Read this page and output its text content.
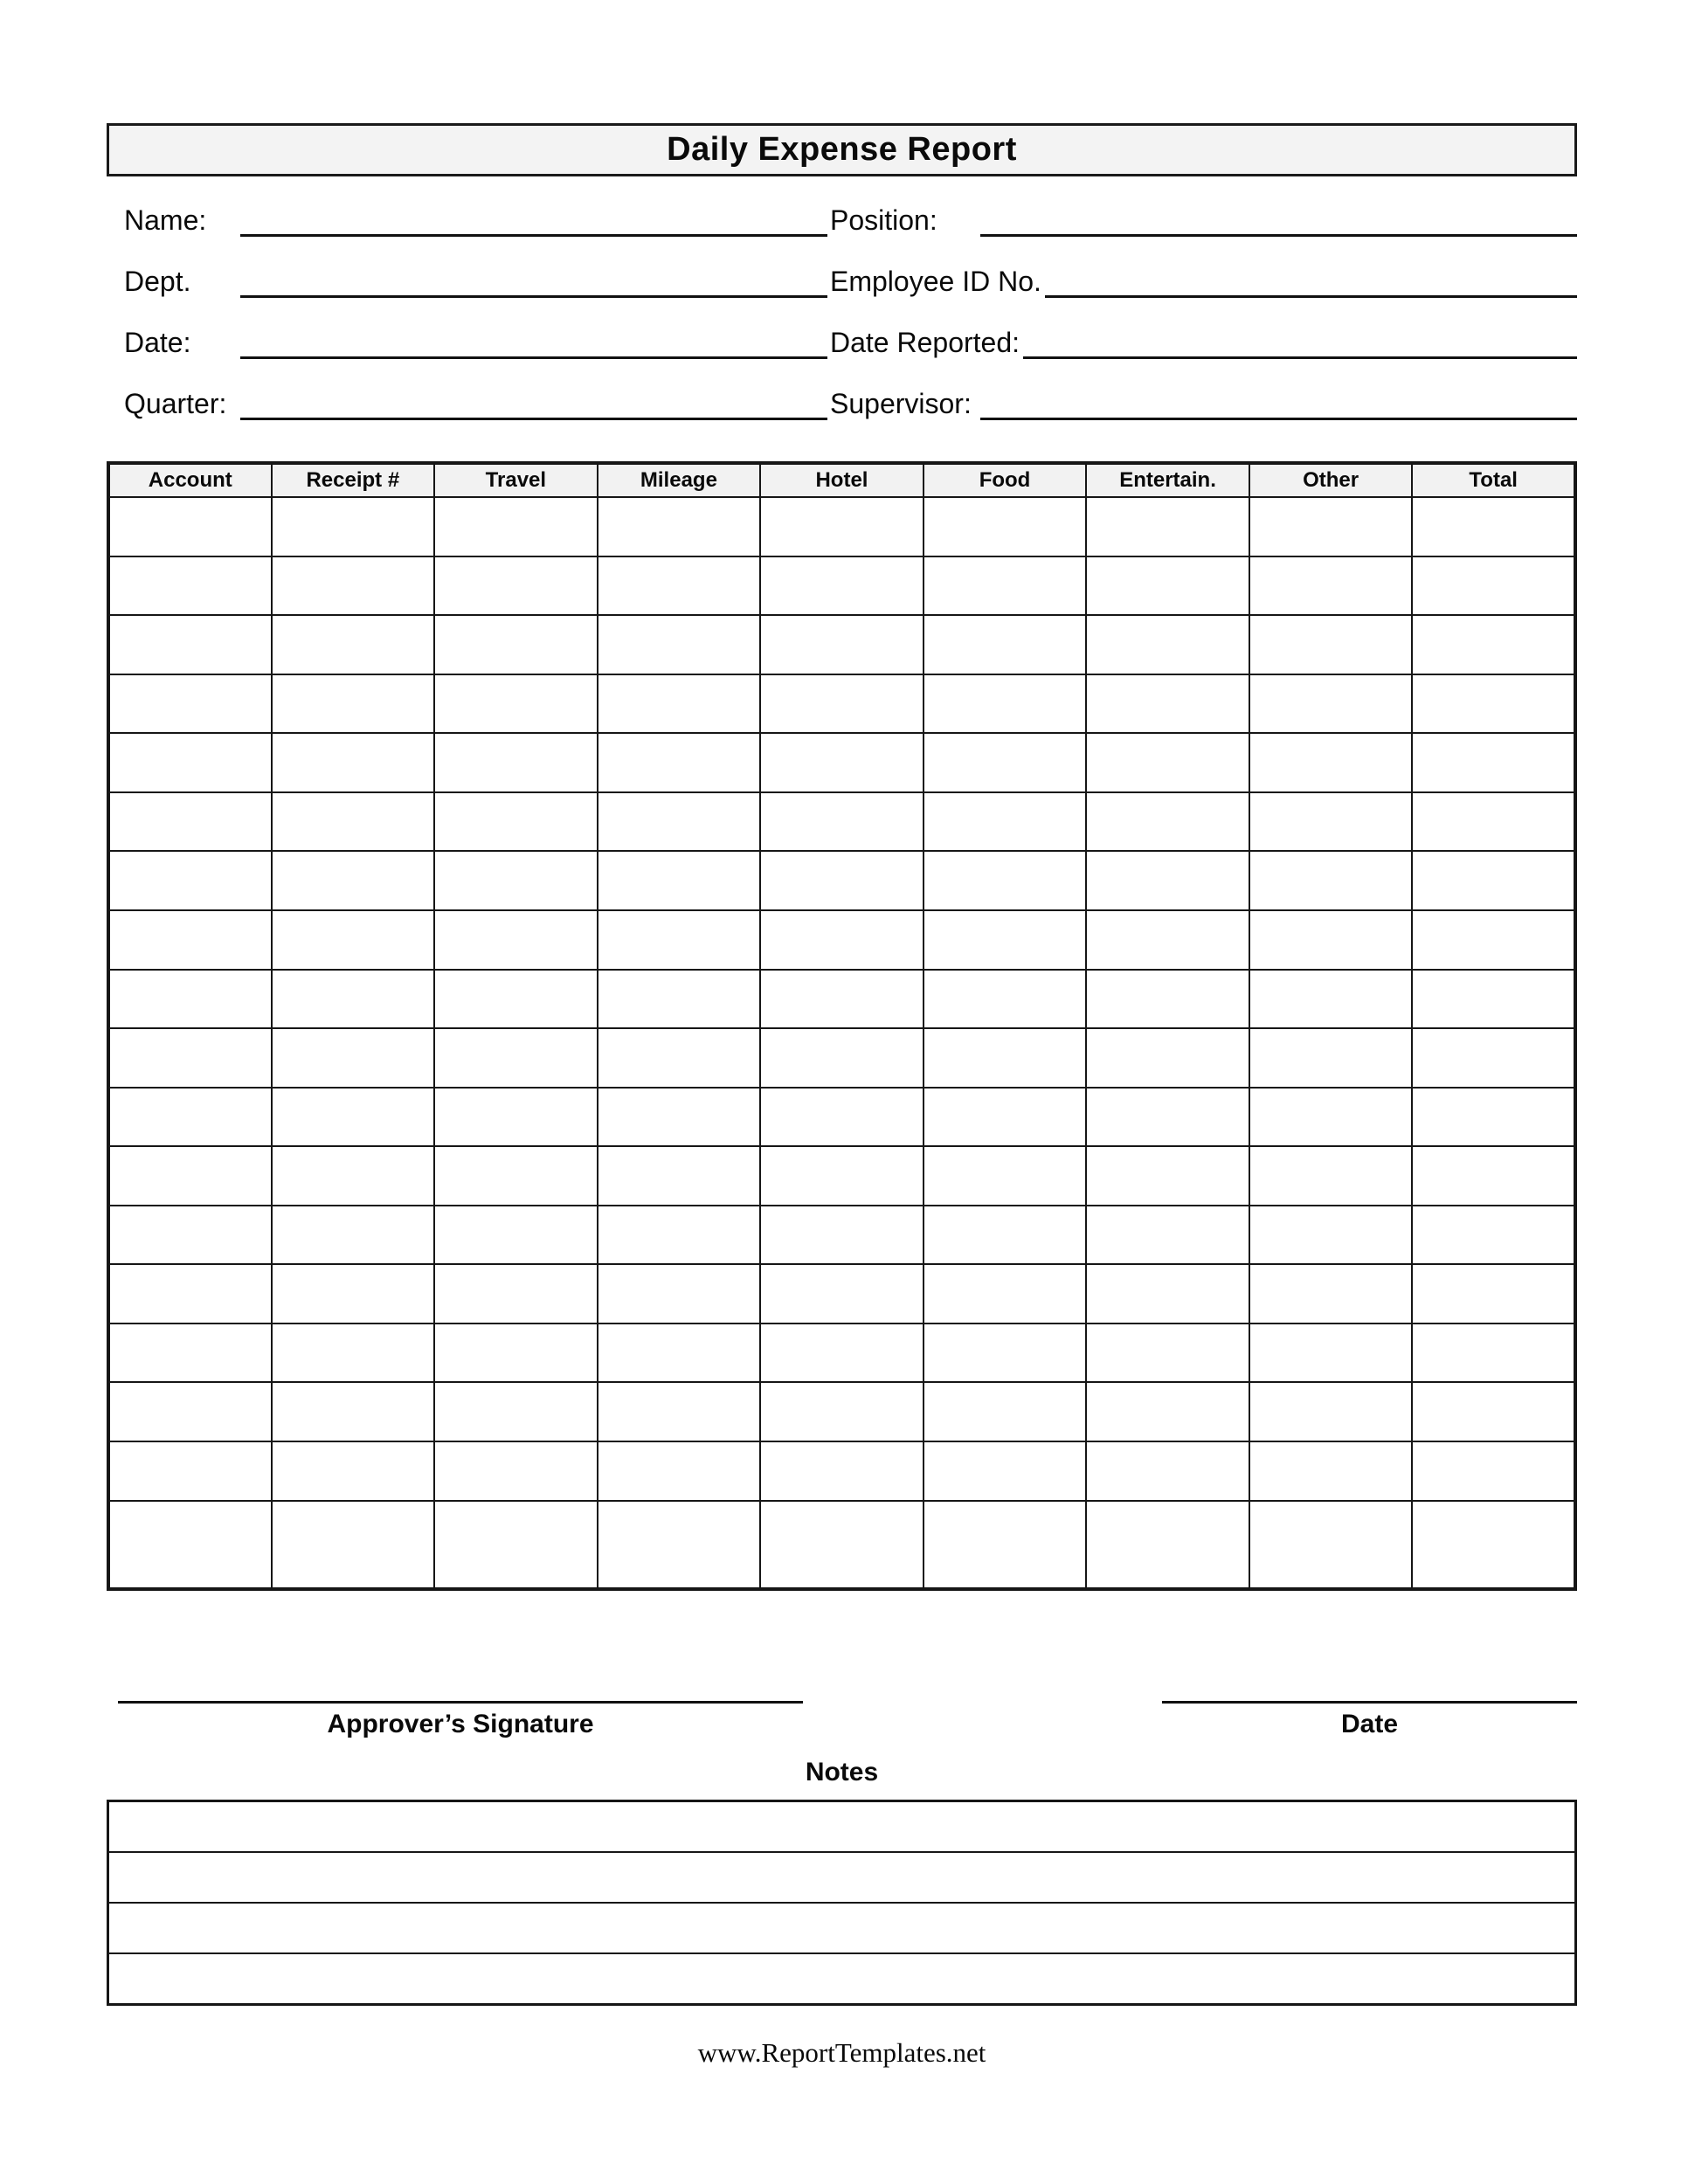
Daily Expense Report
Name:	Position:
Dept.	Employee ID No.
Date:	Date Reported:
Quarter:	Supervisor:
Account	Receipt #	Travel	Mileage	Hotel	Food	Entertain.	Other	Total

Approver’s Signature	Date
Notes
www.ReportTemplates.net
